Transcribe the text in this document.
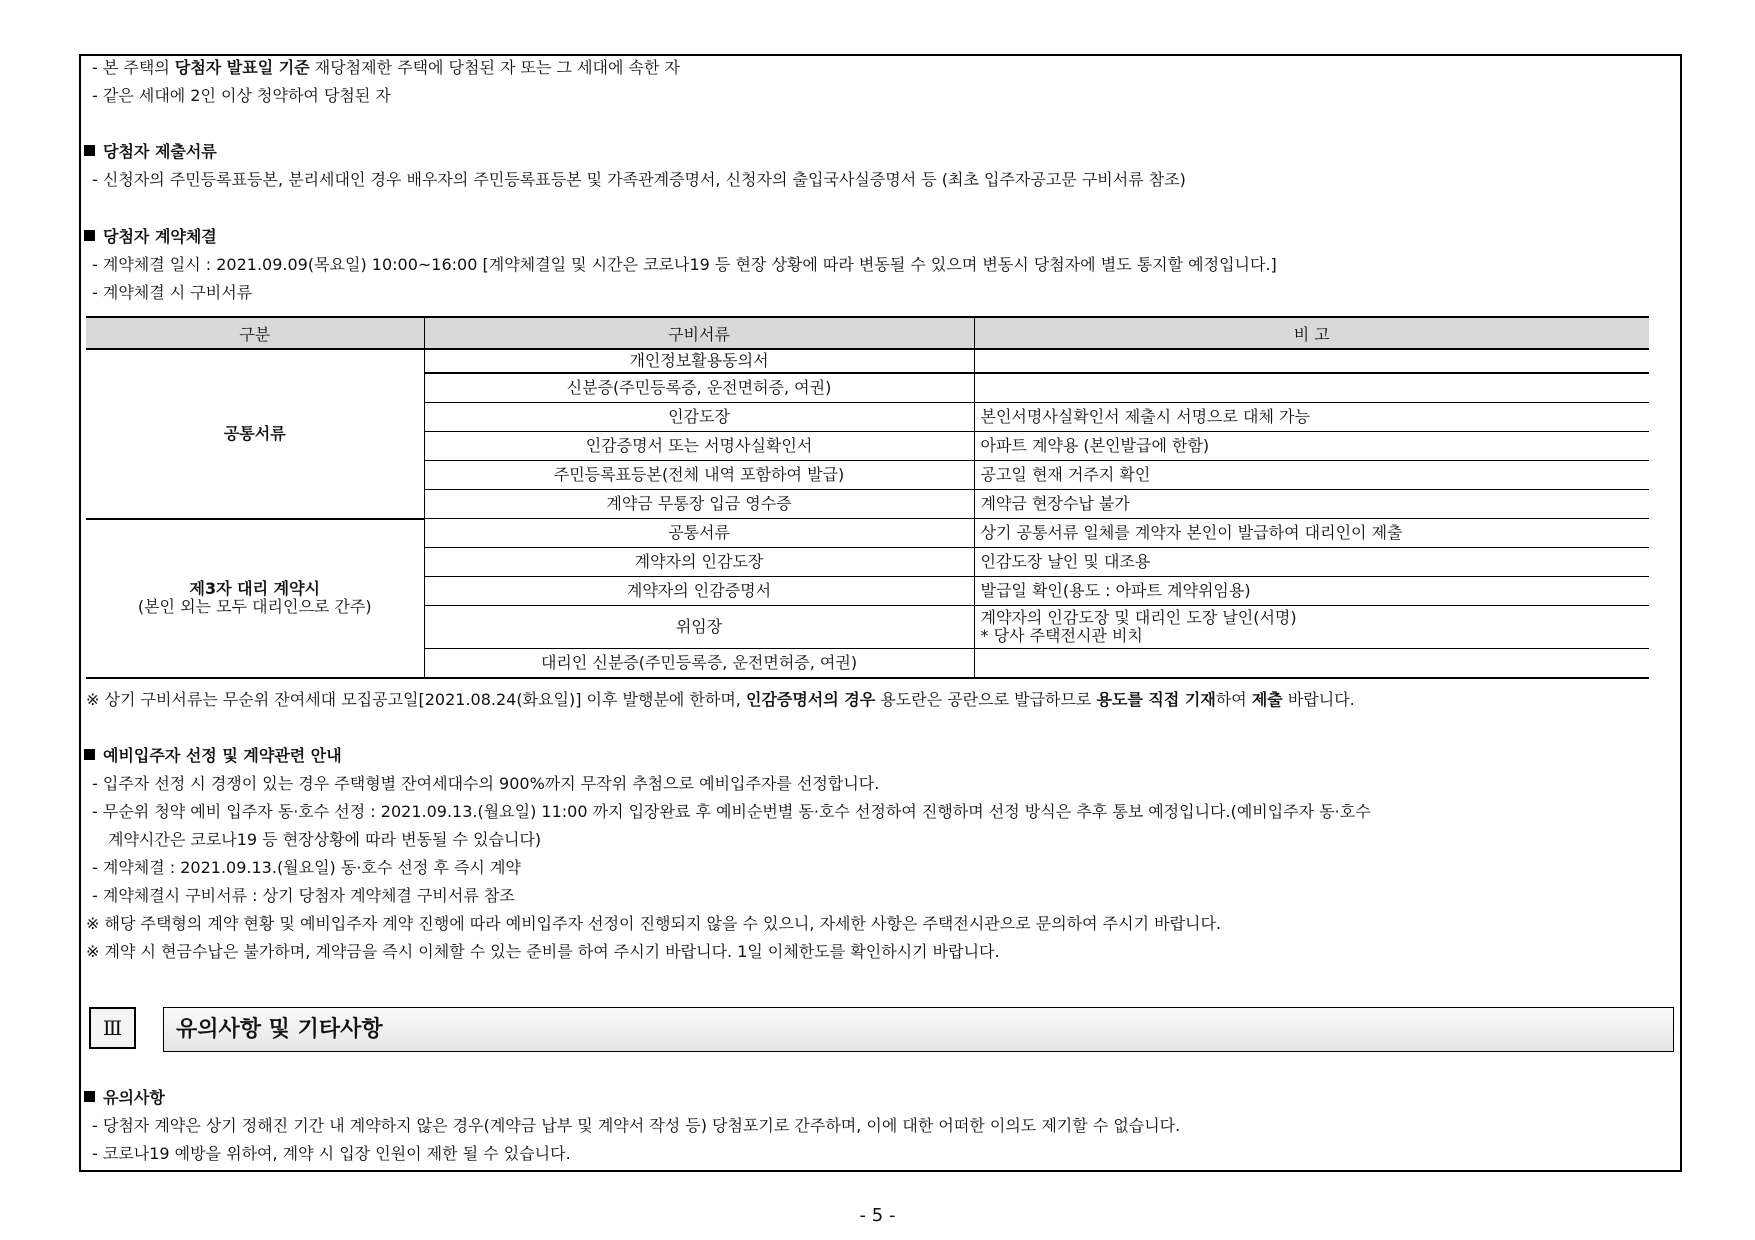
- 본 주택의 당첨자 발표일 기준 재당첨제한 주택에 당첨된 자 또는 그 세대에 속한 자
- 같은 세대에 2인 이상 청약하여 당첨된 자
당첨자 제출서류
- 신청자의 주민등록표등본, 분리세대인 경우 배우자의 주민등록표등본 및 가족관계증명서, 신청자의 출입국사실증명서 등 (최초 입주자공고문 구비서류 참조)
당첨자 계약체결
- 계약체결 일시 : 2021.09.09(목요일) 10:00~16:00 [계약체결일 및 시간은 코로나19 등 현장 상황에 따라 변동될 수 있으며 변동시 당첨자에 별도 통지할 예정입니다.]
- 계약체결 시 구비서류
구분	구비서류	비 고

공통서류	개인정보활용동의서	
	신분증(주민등록증, 운전면허증, 여권)	
	인감도장	본인서명사실확인서 제출시 서명으로 대체 가능
	인감증명서 또는 서명사실확인서	아파트 계약용 (본인발급에 한함)
	주민등록표등본(전체 내역 포함하여 발급)	공고일 현재 거주지 확인
	계약금 무통장 입금 영수증	계약금 현장수납 불가

제3자 대리 계약시
(본인 외는 모두 대리인으로 간주)	공통서류	상기 공통서류 일체를 계약자 본인이 발급하여 대리인이 제출
	계약자의 인감도장	인감도장 날인 및 대조용
	계약자의 인감증명서	발급일 확인(용도 : 아파트 계약위임용)
	위임장	계약자의 인감도장 및 대리인 도장 날인(서명)
* 당사 주택전시관 비치

	대리인 신분증(주민등록증, 운전면허증, 여권)	
※ 상기 구비서류는 무순위 잔여세대 모집공고일[2021.08.24(화요일)] 이후 발행분에 한하며, 인감증명서의 경우 용도란은 공란으로 발급하므로 용도를 직접 기재하여 제출 바랍니다.
예비입주자 선정 및 계약관련 안내
- 입주자 선정 시 경쟁이 있는 경우 주택형별 잔여세대수의 900%까지 무작위 추첨으로 예비입주자를 선정합니다.
- 무순위 청약 예비 입주자 동·호수 선정 : 2021.09.13.(월요일) 11:00 까지 입장완료 후 예비순번별 동·호수 선정하여 진행하며 선정 방식은 추후 통보 예정입니다.(예비입주자 동·호수
계약시간은 코로나19 등 현장상황에 따라 변동될 수 있습니다)
- 계약체결 : 2021.09.13.(월요일) 동·호수 선정 후 즉시 계약
- 계약체결시 구비서류 : 상기 당첨자 계약체결 구비서류 참조
※ 해당 주택형의 계약 현황 및 예비입주자 계약 진행에 따라 예비입주자 선정이 진행되지 않을 수 있으니, 자세한 사항은 주택전시관으로 문의하여 주시기 바랍니다.
※ 계약 시 현금수납은 불가하며, 계약금을 즉시 이체할 수 있는 준비를 하여 주시기 바랍니다. 1일 이체한도를 확인하시기 바랍니다.
Ⅲ	유의사항 및 기타사항
유의사항
- 당첨자 계약은 상기 정해진 기간 내 계약하지 않은 경우(계약금 납부 및 계약서 작성 등) 당첨포기로 간주하며, 이에 대한 어떠한 이의도 제기할 수 없습니다.
- 코로나19 예방을 위하여, 계약 시 입장 인원이 제한 될 수 있습니다.
- 5 -
